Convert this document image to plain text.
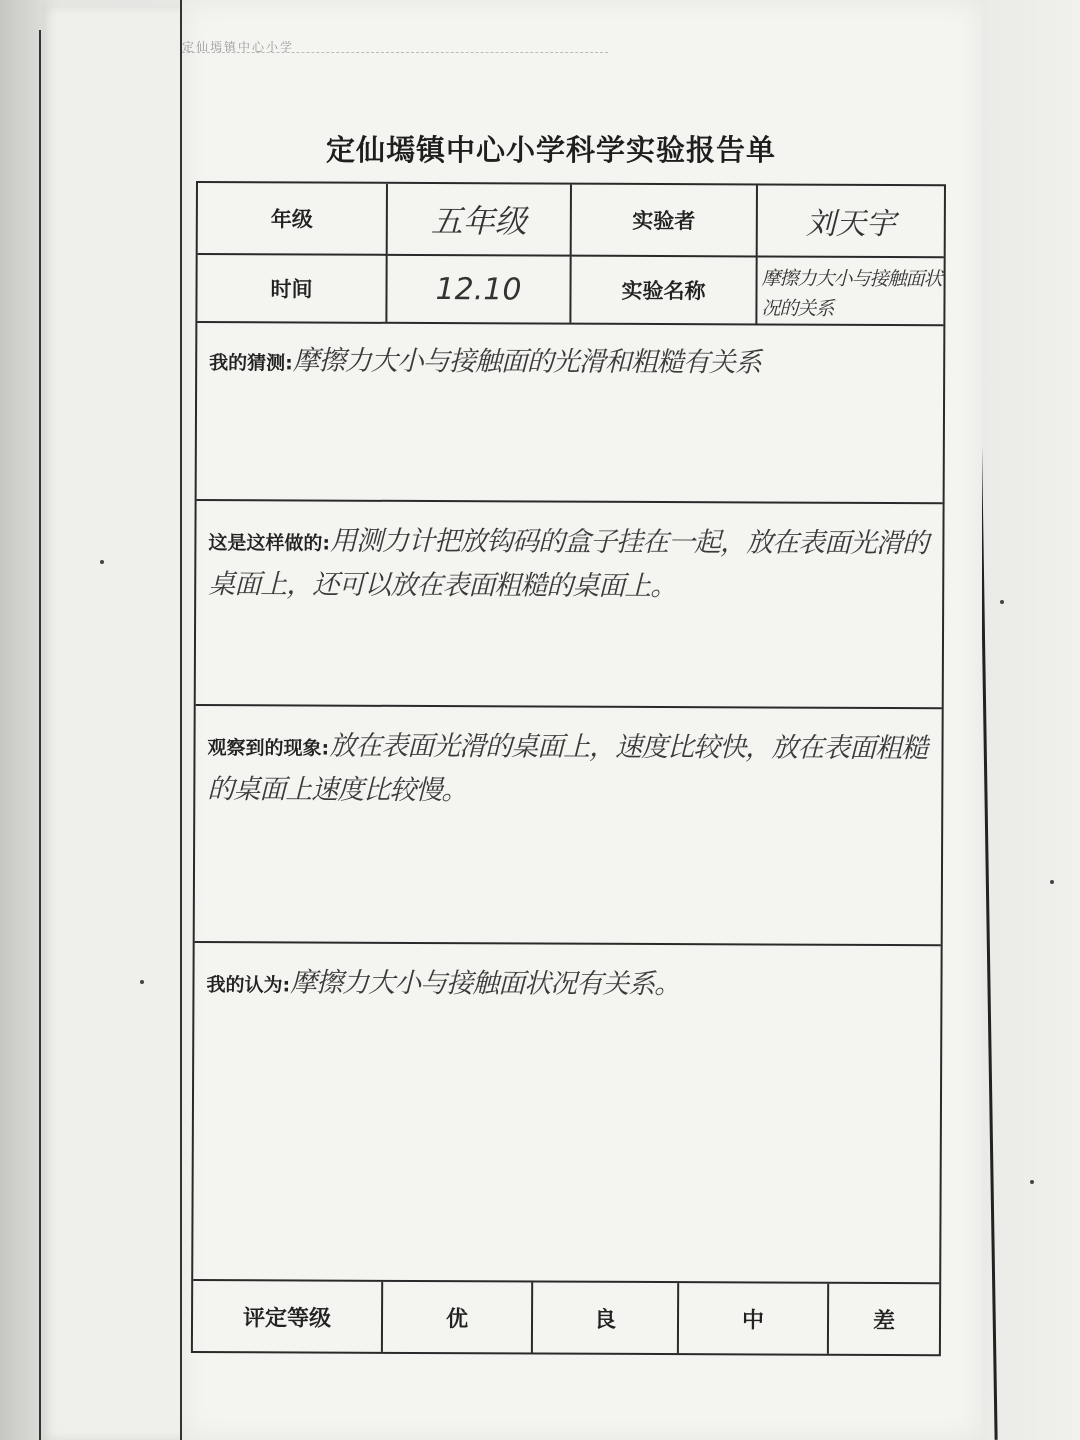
定仙墕镇中心小学
定仙墕镇中心小学科学实验报告单
年级	五年级	实验者	刘天宇
时间	12.10	实验名称	摩擦力大小与接触面状况的关系
我的猜测:摩擦力大小与接触面的光滑和粗糙有关系
这是这样做的:用测力计把放钩码的盒子挂在一起，放在表面光滑的桌面上，还可以放在表面粗糙的桌面上。
观察到的现象:放在表面光滑的桌面上，速度比较快，放在表面粗糙的桌面上速度比较慢。
我的认为:摩擦力大小与接触面状况有关系。
评定等级	优	良	中	差
